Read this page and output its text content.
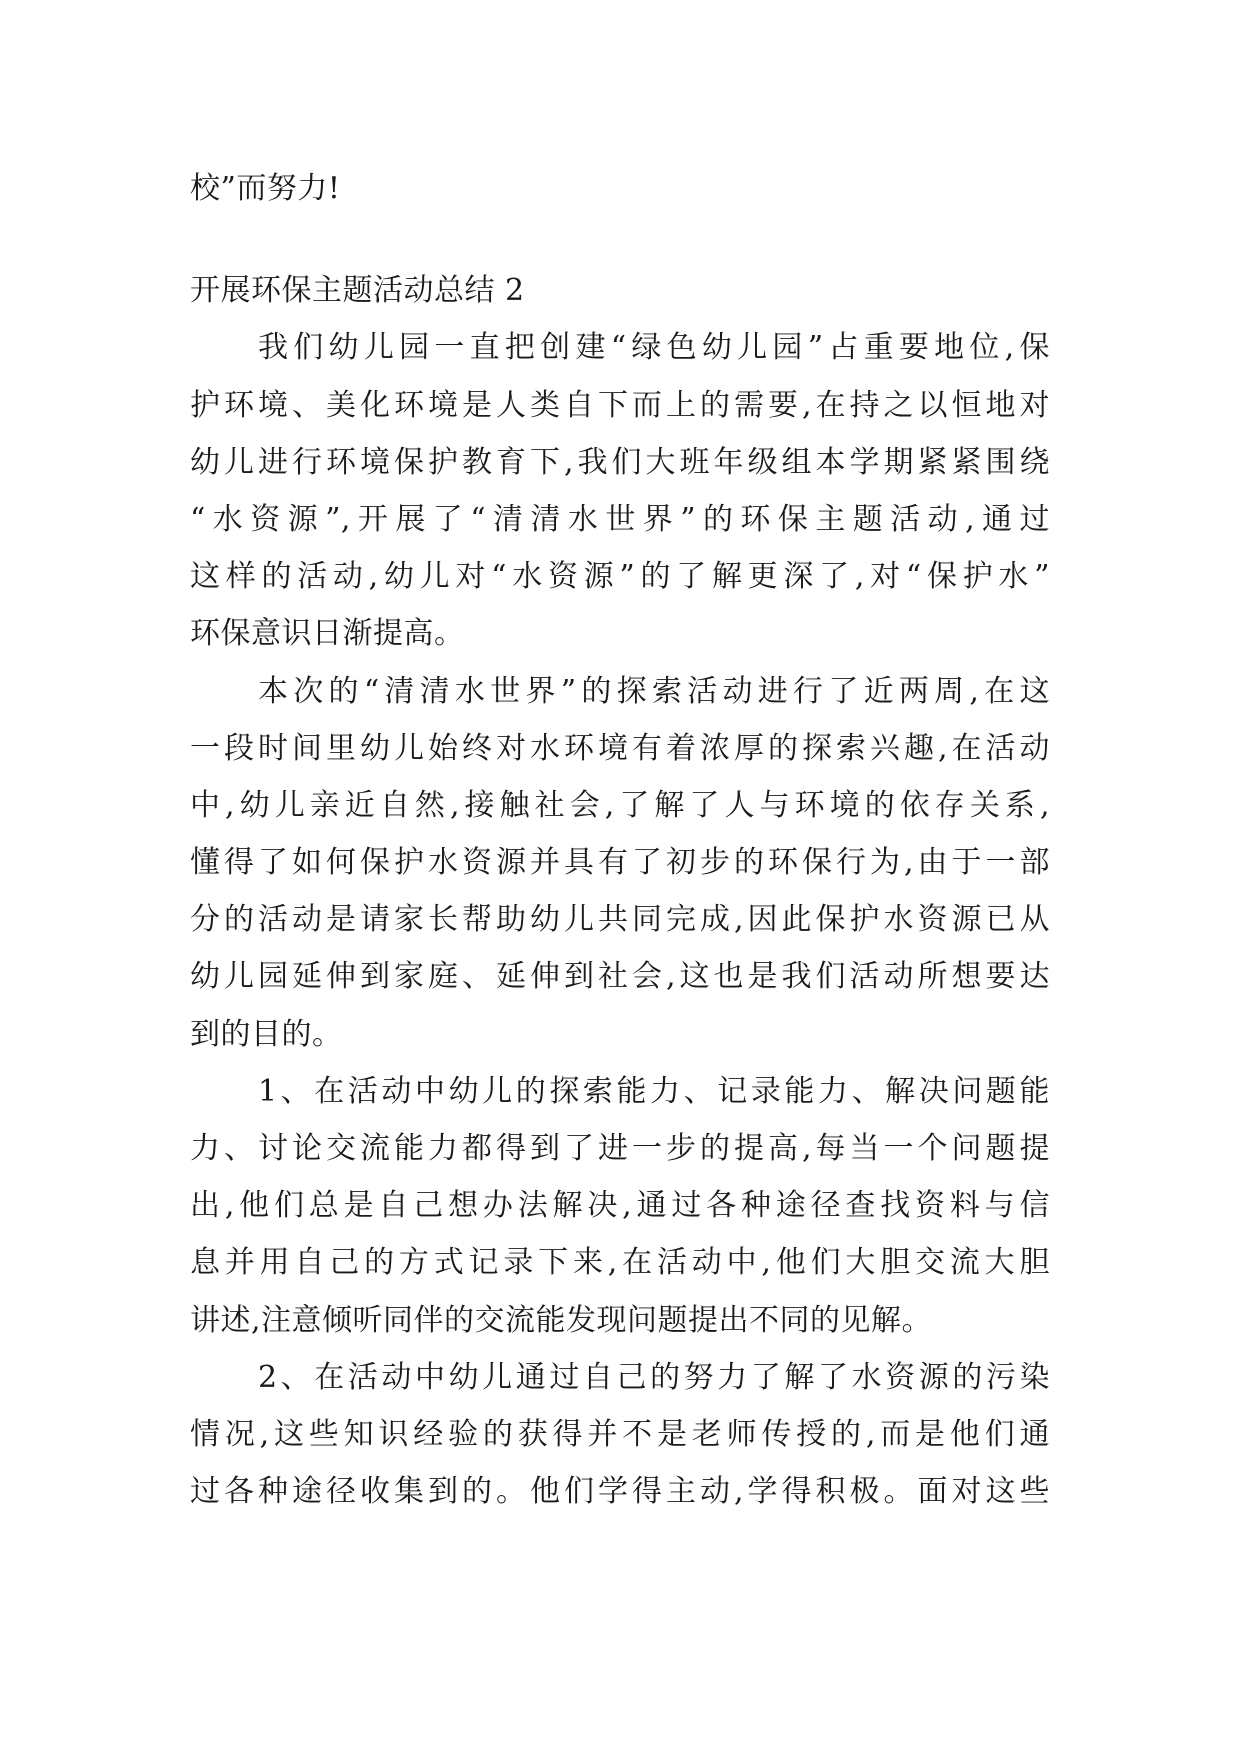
校”而努力!
开展环保主题活动总结 2
我们幼儿园一直把创建“绿色幼儿园”占重要地位,保
护环境、美化环境是人类自下而上的需要,在持之以恒地对
幼儿进行环境保护教育下,我们大班年级组本学期紧紧围绕
“水资源”,开展了“清清水世界”的环保主题活动,通过
这样的活动,幼儿对“水资源”的了解更深了,对“保护水”
环保意识日渐提高。
本次的“清清水世界”的探索活动进行了近两周,在这
一段时间里幼儿始终对水环境有着浓厚的探索兴趣,在活动
中,幼儿亲近自然,接触社会,了解了人与环境的依存关系,
懂得了如何保护水资源并具有了初步的环保行为,由于一部
分的活动是请家长帮助幼儿共同完成,因此保护水资源已从
幼儿园延伸到家庭、延伸到社会,这也是我们活动所想要达
到的目的。
1、在活动中幼儿的探索能力、记录能力、解决问题能
力、讨论交流能力都得到了进一步的提高,每当一个问题提
出,他们总是自己想办法解决,通过各种途径查找资料与信
息并用自己的方式记录下来,在活动中,他们大胆交流大胆
讲述,注意倾听同伴的交流能发现问题提出不同的见解。
2、在活动中幼儿通过自己的努力了解了水资源的污染
情况,这些知识经验的获得并不是老师传授的,而是他们通
过各种途径收集到的。他们学得主动,学得积极。面对这些
